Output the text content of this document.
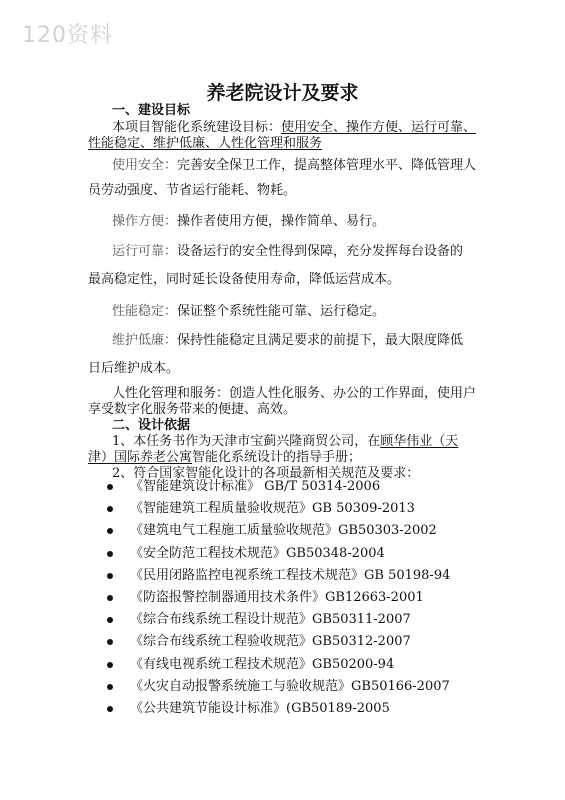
120资料
养老院设计及要求
一、建设目标
本项目智能化系统建设目标：使用安全、操作方便、运行可靠、
性能稳定、维护低廉、人性化管理和服务
使用安全：完善安全保卫工作，提高整体管理水平、降低管理人
员劳动强度、节省运行能耗、物耗。
操作方便：操作者使用方便，操作简单、易行。
运行可靠：设备运行的安全性得到保障，充分发挥每台设备的
最高稳定性，同时延长设备使用寿命，降低运营成本。
性能稳定：保证整个系统性能可靠、运行稳定。
维护低廉：保持性能稳定且满足要求的前提下，最大限度降低
日后维护成本。
人性化管理和服务：创造人性化服务、办公的工作界面，使用户
享受数字化服务带来的便捷、高效。
二、设计依据
1、本任务书作为天津市宝蓟兴隆商贸公司，在顾华伟业（天
津）国际养老公寓智能化系统设计的指导手册；
2、符合国家智能化设计的各项最新相关规范及要求：
《智能建筑设计标准》 GB/T 50314-2006
《智能建筑工程质量验收规范》GB 50309-2013
《建筑电气工程施工质量验收规范》GB50303-2002
《安全防范工程技术规范》GB50348-2004
《民用闭路监控电视系统工程技术规范》GB 50198-94
《防盗报警控制器通用技术条件》GB12663-2001
《综合布线系统工程设计规范》GB50311-2007
《综合布线系统工程验收规范》GB50312-2007
《有线电视系统工程技术规范》GB50200-94
《火灾自动报警系统施工与验收规范》GB50166-2007
《公共建筑节能设计标准》(GB50189-2005
